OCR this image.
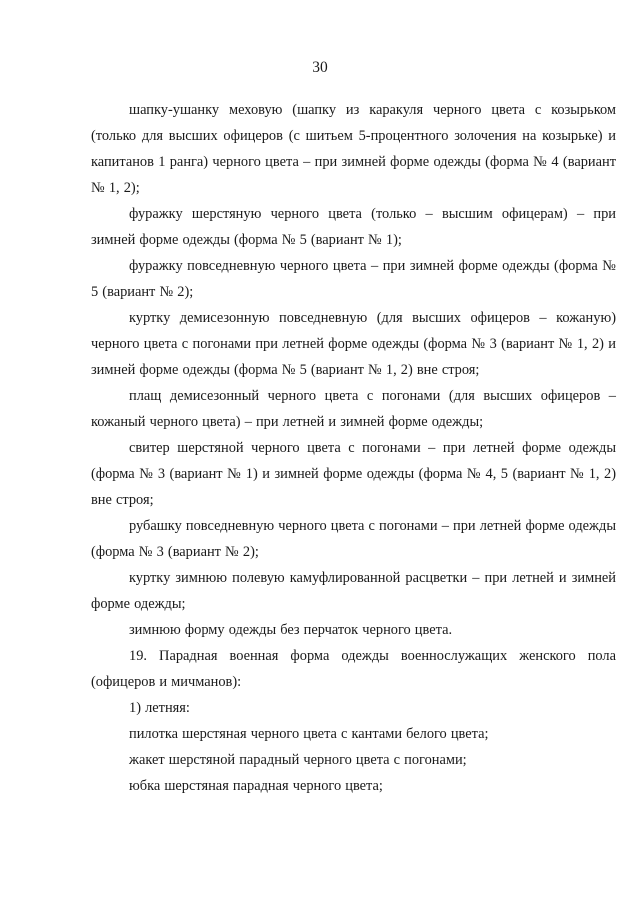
30

шапку-ушанку меховую (шапку из каракуля черного цвета с козырьком (только для высших офицеров (с шитьем 5-процентного золочения на козырьке) и капитанов 1 ранга) черного цвета – при зимней форме одежды (форма № 4 (вариант № 1, 2);

фуражку шерстяную черного цвета (только – высшим офицерам) – при зимней форме одежды (форма № 5 (вариант № 1);

фуражку повседневную черного цвета – при зимней форме одежды (форма № 5 (вариант № 2);

куртку демисезонную повседневную (для высших офицеров – кожаную) черного цвета с погонами при летней форме одежды (форма № 3 (вариант № 1, 2) и зимней форме одежды (форма № 5 (вариант № 1, 2) вне строя;

плащ демисезонный черного цвета с погонами (для высших офицеров – кожаный черного цвета) – при летней и зимней форме одежды;

свитер шерстяной черного цвета с погонами – при летней форме одежды (форма № 3 (вариант № 1) и зимней форме одежды (форма № 4, 5 (вариант № 1, 2) вне строя;

рубашку повседневную черного цвета с погонами – при летней форме одежды (форма № 3 (вариант № 2);

куртку зимнюю полевую камуфлированной расцветки – при летней и зимней форме одежды;

зимнюю форму одежды без перчаток черного цвета.

19. Парадная военная форма одежды военнослужащих женского пола (офицеров и мичманов):

1) летняя:

пилотка шерстяная черного цвета с кантами белого цвета;

жакет шерстяной парадный черного цвета с погонами;

юбка шерстяная парадная черного цвета;
